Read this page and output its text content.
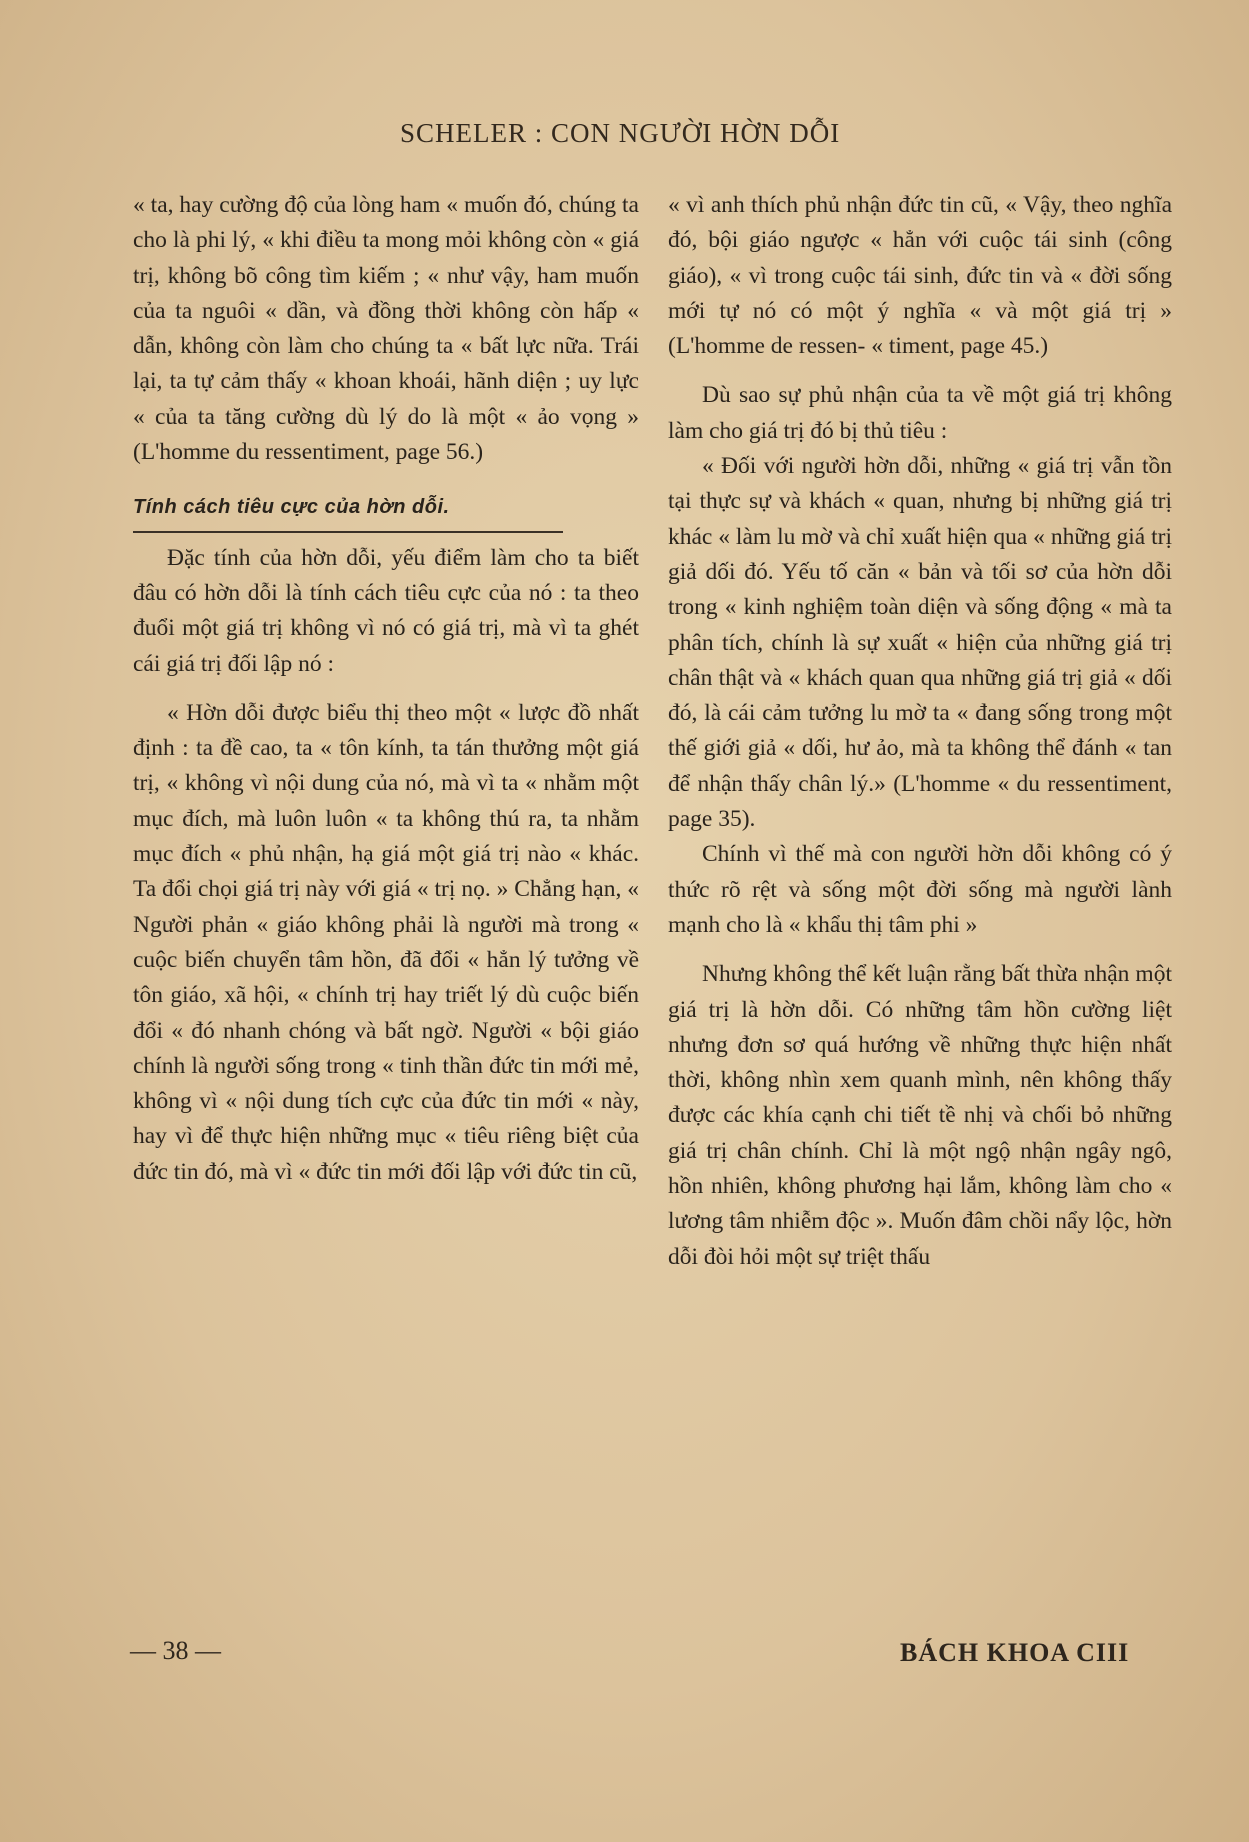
SCHELER : CON NGƯỜI HỜN DỖI

« ta, hay cường độ của lòng ham « muốn đó, chúng ta cho là phi lý, « khi điều ta mong mỏi không còn « giá trị, không bõ công tìm kiếm ; « như vậy, ham muốn của ta nguôi « dần, và đồng thời không còn hấp « dẫn, không còn làm cho chúng ta « bất lực nữa. Trái lại, ta tự cảm thấy « khoan khoái, hãnh diện ; uy lực « của ta tăng cường dù lý do là một « ảo vọng » (L'homme du ressentiment, page 56.)

Tính cách tiêu cực của hờn dỗi.

Đặc tính của hờn dỗi, yếu điểm làm cho ta biết đâu có hờn dỗi là tính cách tiêu cực của nó : ta theo đuổi một giá trị không vì nó có giá trị, mà vì ta ghét cái giá trị đối lập nó :

« Hờn dỗi được biểu thị theo một « lược đồ nhất định : ta đề cao, ta « tôn kính, ta tán thưởng một giá trị, « không vì nội dung của nó, mà vì ta « nhằm một mục đích, mà luôn luôn « ta không thú ra, ta nhằm mục đích « phủ nhận, hạ giá một giá trị nào « khác. Ta đổi chọi giá trị này với giá « trị nọ. » Chẳng hạn, « Người phản « giáo không phải là người mà trong « cuộc biến chuyển tâm hồn, đã đổi « hẳn lý tưởng về tôn giáo, xã hội, « chính trị hay triết lý dù cuộc biến đổi « đó nhanh chóng và bất ngờ. Người « bội giáo chính là người sống trong « tinh thần đức tin mới mẻ, không vì « nội dung tích cực của đức tin mới « này, hay vì để thực hiện những mục « tiêu riêng biệt của đức tin đó, mà vì « đức tin mới đối lập với đức tin cũ,

« vì anh thích phủ nhận đức tin cũ, « Vậy, theo nghĩa đó, bội giáo ngược « hẳn với cuộc tái sinh (công giáo), « vì trong cuộc tái sinh, đức tin và « đời sống mới tự nó có một ý nghĩa « và một giá trị » (L'homme de ressen- « timent, page 45.)

Dù sao sự phủ nhận của ta về một giá trị không làm cho giá trị đó bị thủ tiêu :

« Đối với người hờn dỗi, những « giá trị vẫn tồn tại thực sự và khách « quan, nhưng bị những giá trị khác « làm lu mờ và chỉ xuất hiện qua « những giá trị giả dối đó. Yếu tố căn « bản và tối sơ của hờn dỗi trong « kinh nghiệm toàn diện và sống động « mà ta phân tích, chính là sự xuất « hiện của những giá trị chân thật và « khách quan qua những giá trị giả « dối đó, là cái cảm tưởng lu mờ ta « đang sống trong một thế giới giả « dối, hư ảo, mà ta không thể đánh « tan để nhận thấy chân lý.» (L'homme « du ressentiment, page 35).

Chính vì thế mà con người hờn dỗi không có ý thức rõ rệt và sống một đời sống mà người lành mạnh cho là « khẩu thị tâm phi »

Nhưng không thể kết luận rằng bất thừa nhận một giá trị là hờn dỗi. Có những tâm hồn cường liệt nhưng đơn sơ quá hướng về những thực hiện nhất thời, không nhìn xem quanh mình, nên không thấy được các khía cạnh chi tiết tề nhị và chối bỏ những giá trị chân chính. Chỉ là một ngộ nhận ngây ngô, hồn nhiên, không phương hại lắm, không làm cho « lương tâm nhiễm độc ». Muốn đâm chồi nẩy lộc, hờn dỗi đòi hỏi một sự triệt thấu

— 38 —	BÁCH KHOA CIII
